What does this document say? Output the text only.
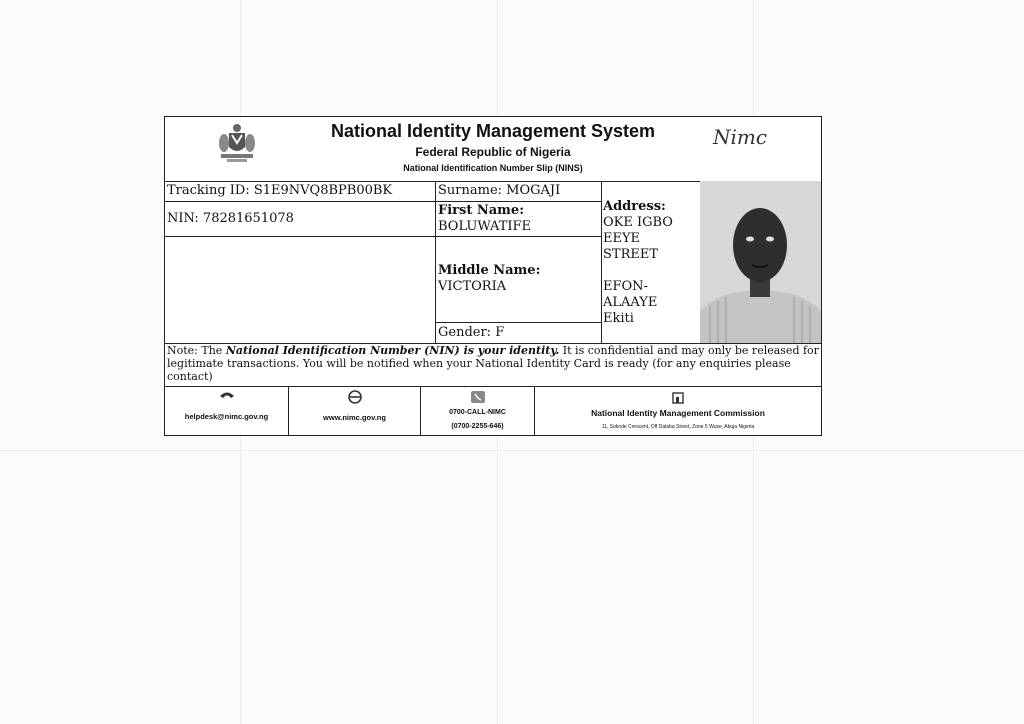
National Identity Management System
Federal Republic of Nigeria
National Identification Number Slip (NINS)
Nimc
Tracking ID: S1E9NVQ8BPB00BK
NIN: 78281651078
Surname: MOGAJI
First Name:
BOLUWATIFE
Middle Name:
VICTORIA
Gender: F
Address:
OKE IGBO
EEYE STREET
EFON-
ALAAYE
Ekiti
Note: The National Identification Number (NIN) is your identity. It is confidential and may only be released for legitimate transactions. You will be notified when your National Identity Card is ready (for any enquiries please contact)
helpdesk@nimc.gov.ng	www.nimc.gov.ng
0700-CALL-NIMC
(0700-2255-646)
National Identity Management Commission
11, Sokode Crescent, Off Dalaba Street, Zone 5 Wuse, Abuja Nigeria
